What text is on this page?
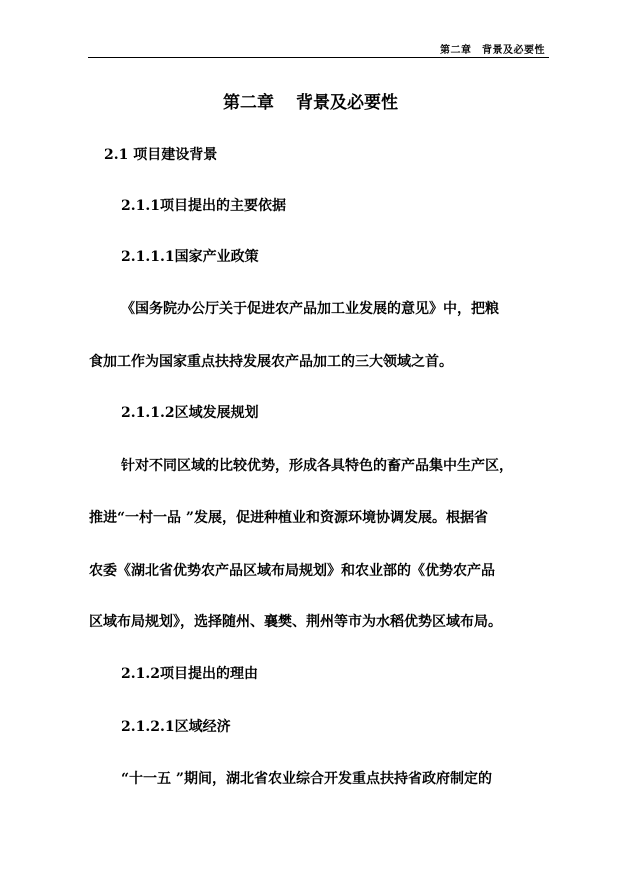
第二章　背景及必要性
第二章 背景及必要性
2.1 项目建设背景
2.1.1项目提出的主要依据
2.1.1.1国家产业政策
《国务院办公厅关于促进农产品加工业发展的意见》中，把粮
食加工作为国家重点扶持发展农产品加工的三大领域之首。
2.1.1.2区域发展规划
针对不同区域的比较优势，形成各具特色的畜产品集中生产区，
推进“一村一品 ”发展，促进种植业和资源环境协调发展。根据省
农委《湖北省优势农产品区域布局规划》和农业部的《优势农产品
区域布局规划》，选择随州、襄樊、荆州等市为水稻优势区域布局。
2.1.2项目提出的理由
2.1.2.1区域经济
“十一五 ”期间，湖北省农业综合开发重点扶持省政府制定的
